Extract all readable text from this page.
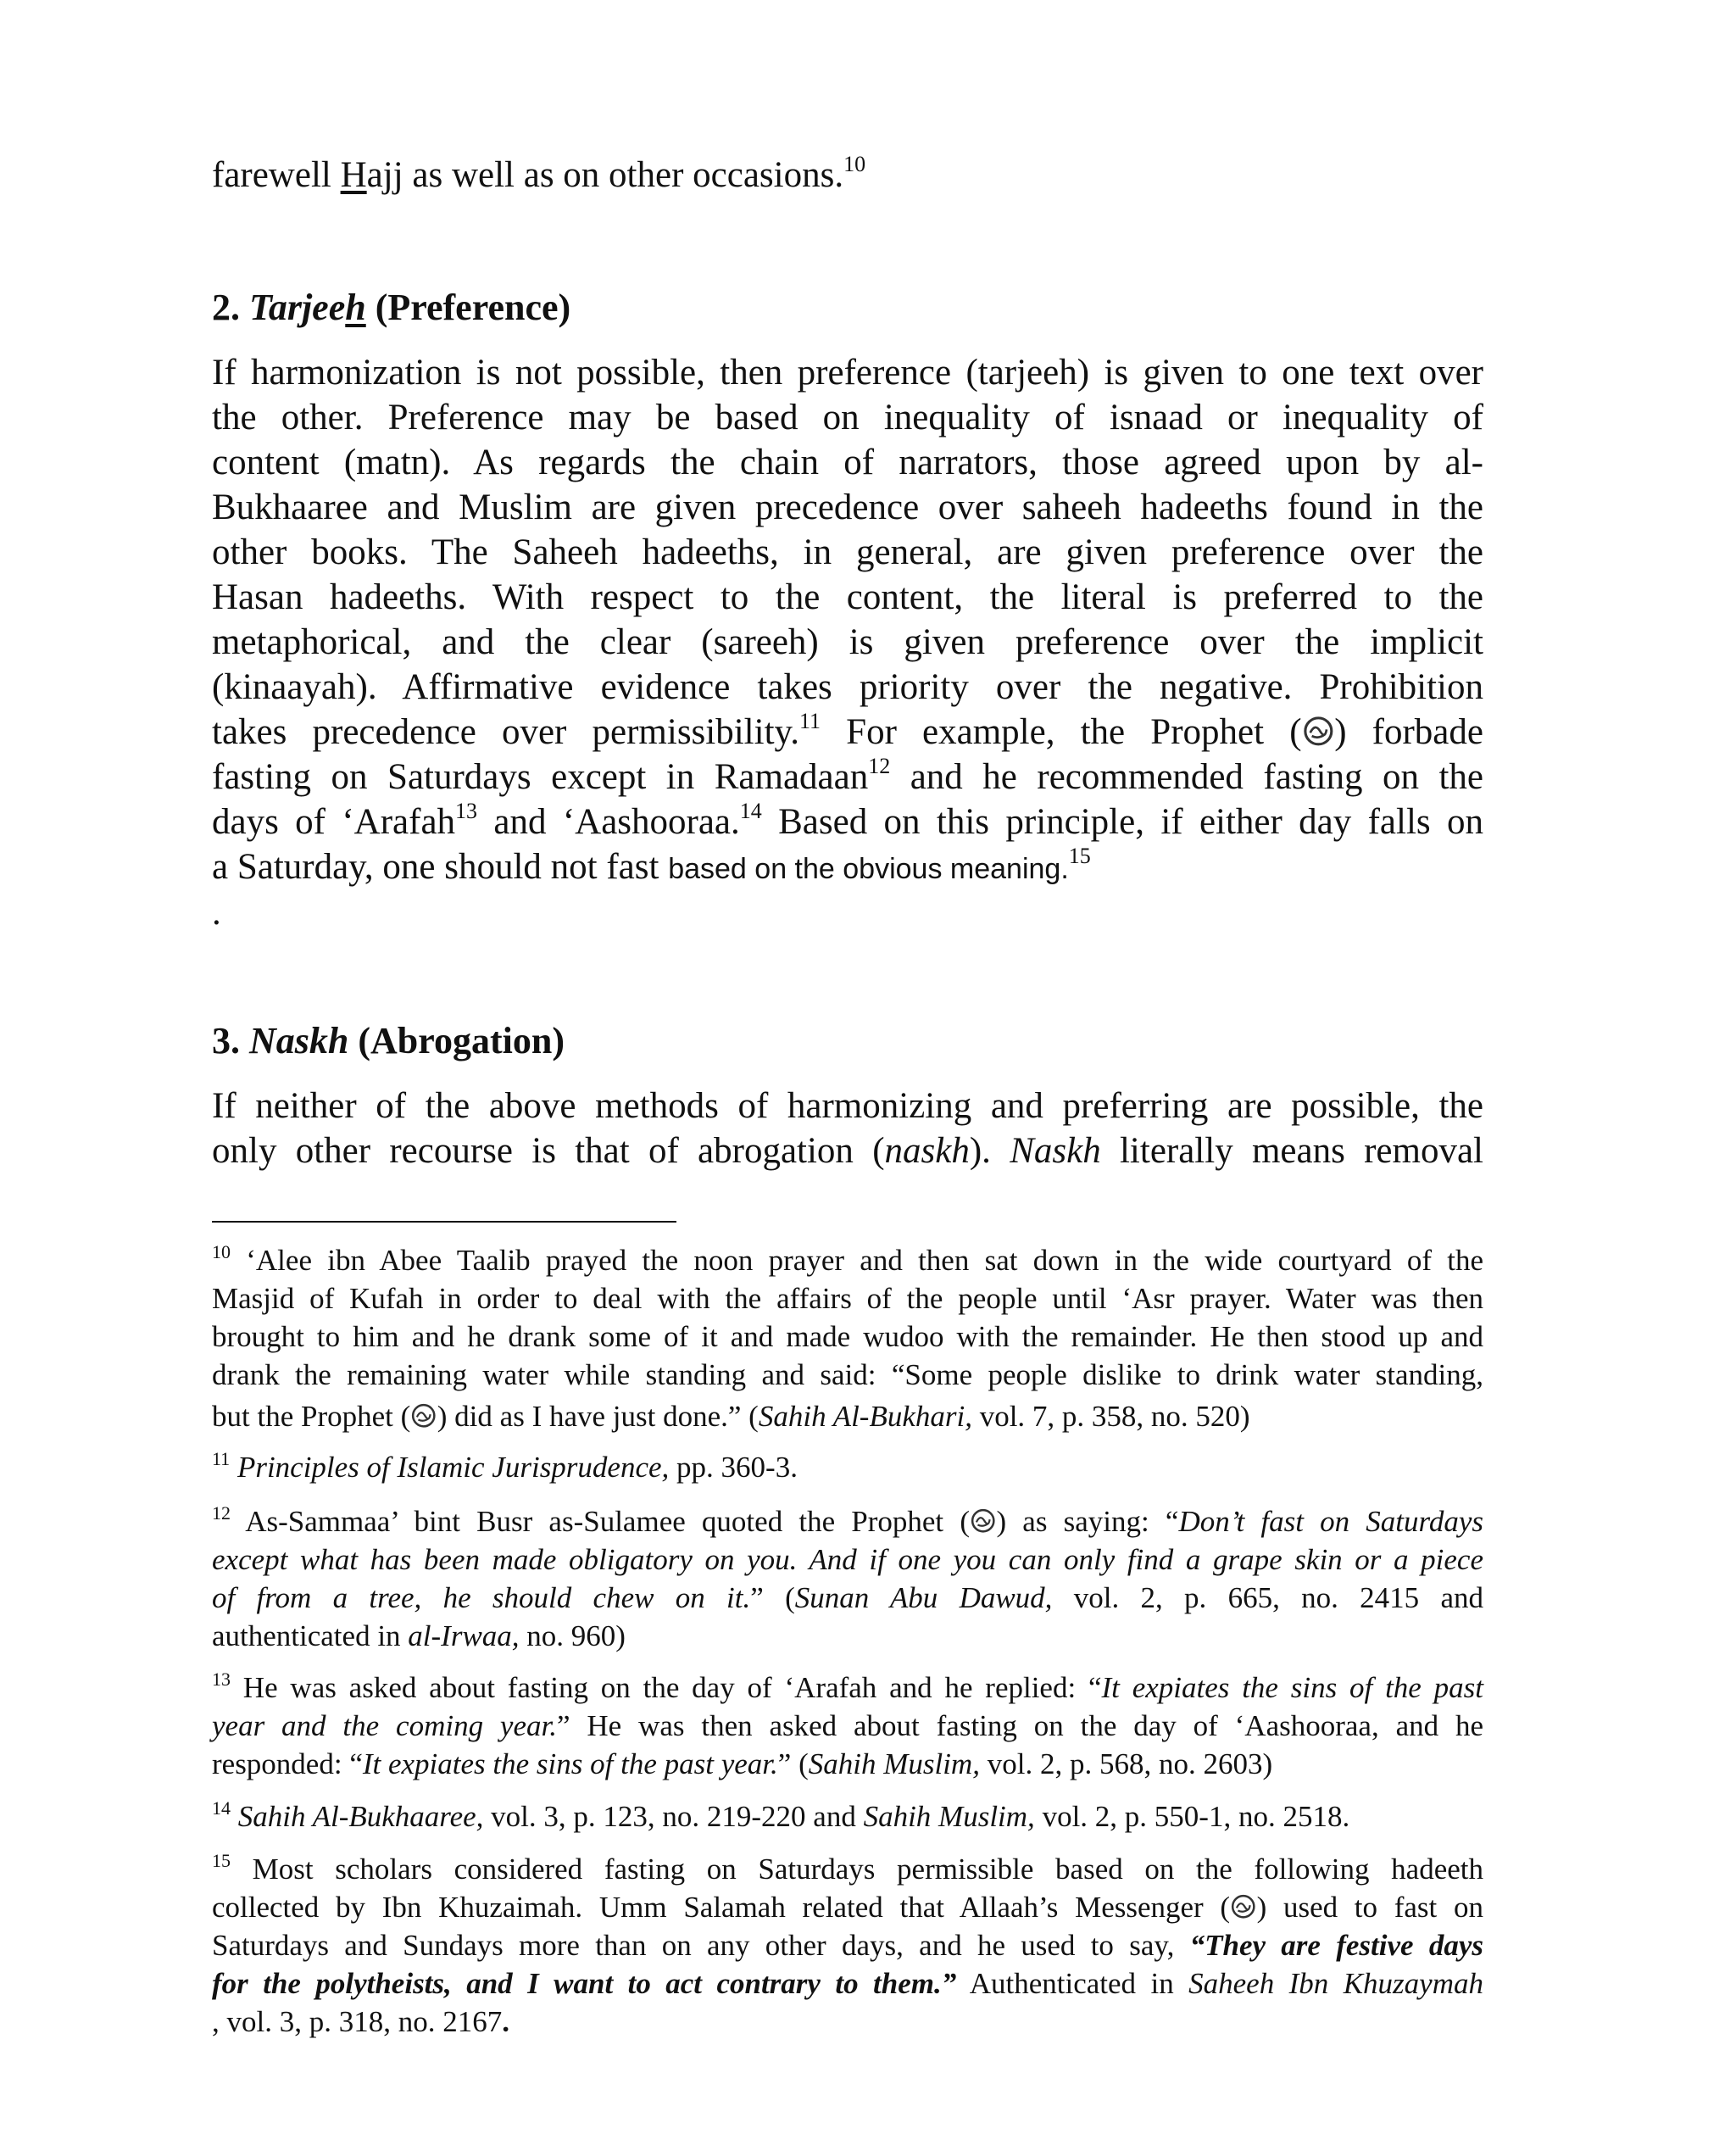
farewell Hajj as well as on other occasions.$^{10}$
2. Tarjeeh (Preference)
If harmonization is not possible, then preference (tarjeeh) is given to one text over
the other. Preference may be based on inequality of isnaad or inequality of
content (matn). As regards the chain of narrators, those agreed upon by al-
Bukhaaree and Muslim are given precedence over saheeh hadeeths found in the
other books. The Saheeh hadeeths, in general, are given preference over the
Hasan hadeeths. With respect to the content, the literal is preferred to the
metaphorical, and the clear (sareeh) is given preference over the implicit
(kinaayah). Affirmative evidence takes priority over the negative. Prohibition
takes precedence over permissibility.$^{11}$ For example, the Prophet ( ) forbade
fasting on Saturdays except in Ramadaan$^{12}$ and he recommended fasting on the
days of ‘Arafah$^{13}$ and ‘Aashooraa.$^{14}$ Based on this principle, if either day falls on
a Saturday, one should not fast based on the obvious meaning.$^{15}$
.
3. Naskh (Abrogation)
If neither of the above methods of harmonizing and preferring are possible, the
only other recourse is that of abrogation (naskh). Naskh literally means removal
$^{10}$ ‘Alee ibn Abee Taalib prayed the noon prayer and then sat down in the wide courtyard of the
Masjid of Kufah in order to deal with the affairs of the people until ‘Asr prayer. Water was then
brought to him and he drank some of it and made wudoo with the remainder. He then stood up and
drank the remaining water while standing and said: “Some people dislike to drink water standing,
but the Prophet ( ) did as I have just done.” (Sahih Al-Bukhari, vol. 7, p. 358, no. 520)
$^{11}$ Principles of Islamic Jurisprudence, pp. 360-3.
$^{12}$ As-Sammaa’ bint Busr as-Sulamee quoted the Prophet ( ) as saying: “Don’t fast on Saturdays
except what has been made obligatory on you. And if one you can only find a grape skin or a piece
of from a tree, he should chew on it.” (Sunan Abu Dawud, vol. 2, p. 665, no. 2415 and
authenticated in al-Irwaa, no. 960)
$^{13}$ He was asked about fasting on the day of ‘Arafah and he replied: “It expiates the sins of the past
year and the coming year.” He was then asked about fasting on the day of ‘Aashooraa, and he
responded: “It expiates the sins of the past year.” (Sahih Muslim, vol. 2, p. 568, no. 2603)
$^{14}$ Sahih Al-Bukhaaree, vol. 3, p. 123, no. 219-220 and Sahih Muslim, vol. 2, p. 550-1, no. 2518.
$^{15}$ Most scholars considered fasting on Saturdays permissible based on the following hadeeth
collected by Ibn Khuzaimah. Umm Salamah related that Allaah’s Messenger ( ) used to fast on
Saturdays and Sundays more than on any other days, and he used to say, “They are festive days
for the polytheists, and I want to act contrary to them.” Authenticated in Saheeh Ibn Khuzaymah
, vol. 3, p. 318, no. 2167.
